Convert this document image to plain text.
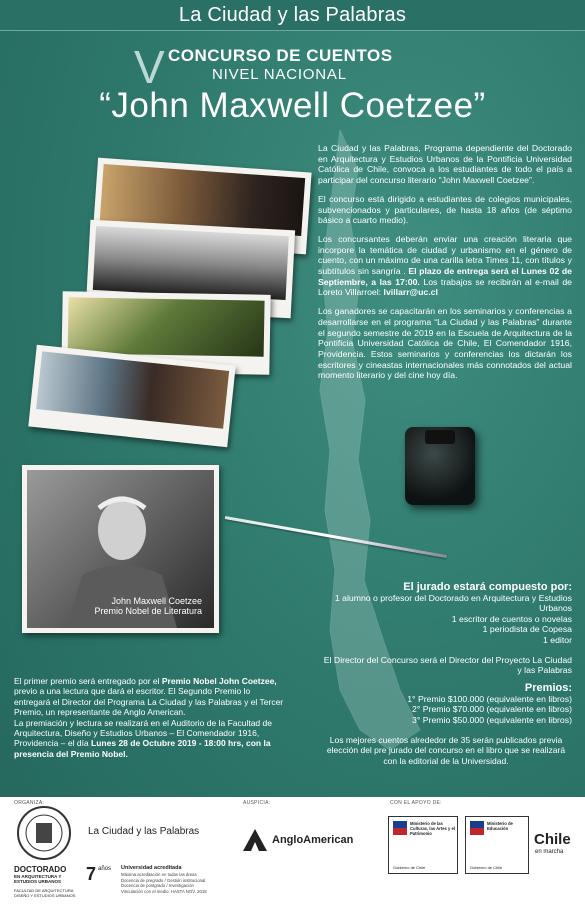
La Ciudad y las Palabras
V CONCURSO DE CUENTOS
NIVEL NACIONAL
“John Maxwell Coetzee”

La Ciudad y las Palabras, Programa dependiente del Doctorado en Arquitectura y Estudios Urbanos de la Pontificia Universidad Católica de Chile, convoca a los estudiantes de todo el país a participar del concurso literario “John Maxwell Coetzee”.

El concurso está dirigido a estudiantes de colegios municipales, subvencionados y particulares, de hasta 18 años (de séptimo básico a cuarto medio).

Los concursantes deberán enviar una creación literaria que incorpore la temática de ciudad y urbanismo en el género de cuento, con un máximo de una carilla letra Times 11, con títulos y subtítulos sin sangría . El plazo de entrega será el Lunes 02 de Septiembre, a las 17:00. Los trabajos se recibirán al e-mail de Loreto Villarroel: lvillarr@uc.cl

Los ganadores se capacitarán en los seminarios y conferencias a desarrollarse en el programa “La Ciudad y las Palabras” durante el segundo semestre de 2019 en la Escuela de Arquitectura de la Pontificia Universidad Católica de Chile, El Comendador 1916, Providencia. Estos seminarios y conferencias los dictarán los escritores y cineastas internacionales más connotados del actual momento literario y del cine hoy día.

John Maxwell Coetzee
Premio Nobel de Literatura
El jurado estará compuesto por:
1 alumno o profesor del Doctorado en Arquitectura y Estudios Urbanos
1 escritor de cuentos o novelas
1 periodista de Copesa
1 editor
El Director del Concurso será el Director del Proyecto La Ciudad y las Palabras
Premios:
1° Premio $100.000 (equivalente en libros)
2° Premio $70.000 (equivalente en libros)
3° Premio $50.000 (equivalente en libros)
Los mejores cuentos alrededor de 35 serán publicados previa elección del pre jurado del concurso en el libro que se realizará con la editorial de la Universidad.
El primer premio será entregado por el Premio Nobel John Coetzee, previo a una lectura que dará el escritor. El Segundo Premio lo entregará el Director del Programa La Ciudad y las Palabras y el Tercer Premio, un representante de Anglo American.
La premiación y lectura se realizará en el Auditorio de la Facultad de Arquitectura, Diseño y Estudios Urbanos – El Comendador 1916, Providencia – el día Lunes 28 de Octubre 2019 - 18:00 hrs, con la presencia del Premio Nobel.
ORGANIZA:	AUSPICIA:	CON EL APOYO DE:
La Ciudad y las Palabras
DOCTORADO
EN ARQUITECTURA Y ESTUDIOS URBANOS
FACULTAD DE ARQUITECTURA DISEÑO Y ESTUDIOS URBANOS
7 años Universidad acreditada
Máxima acreditación en todas las áreas
Docencia de pregrado / Gestión institucional
Docencia de postgrado / Investigación
Vinculación con el medio. HASTA NOV. 2018
AngloAmerican
Ministerio de las Culturas, las Artes y el Patrimonio
Gobierno de Chile
Ministerio de Educación
Gobierno de Chile
Chile
en marcha
